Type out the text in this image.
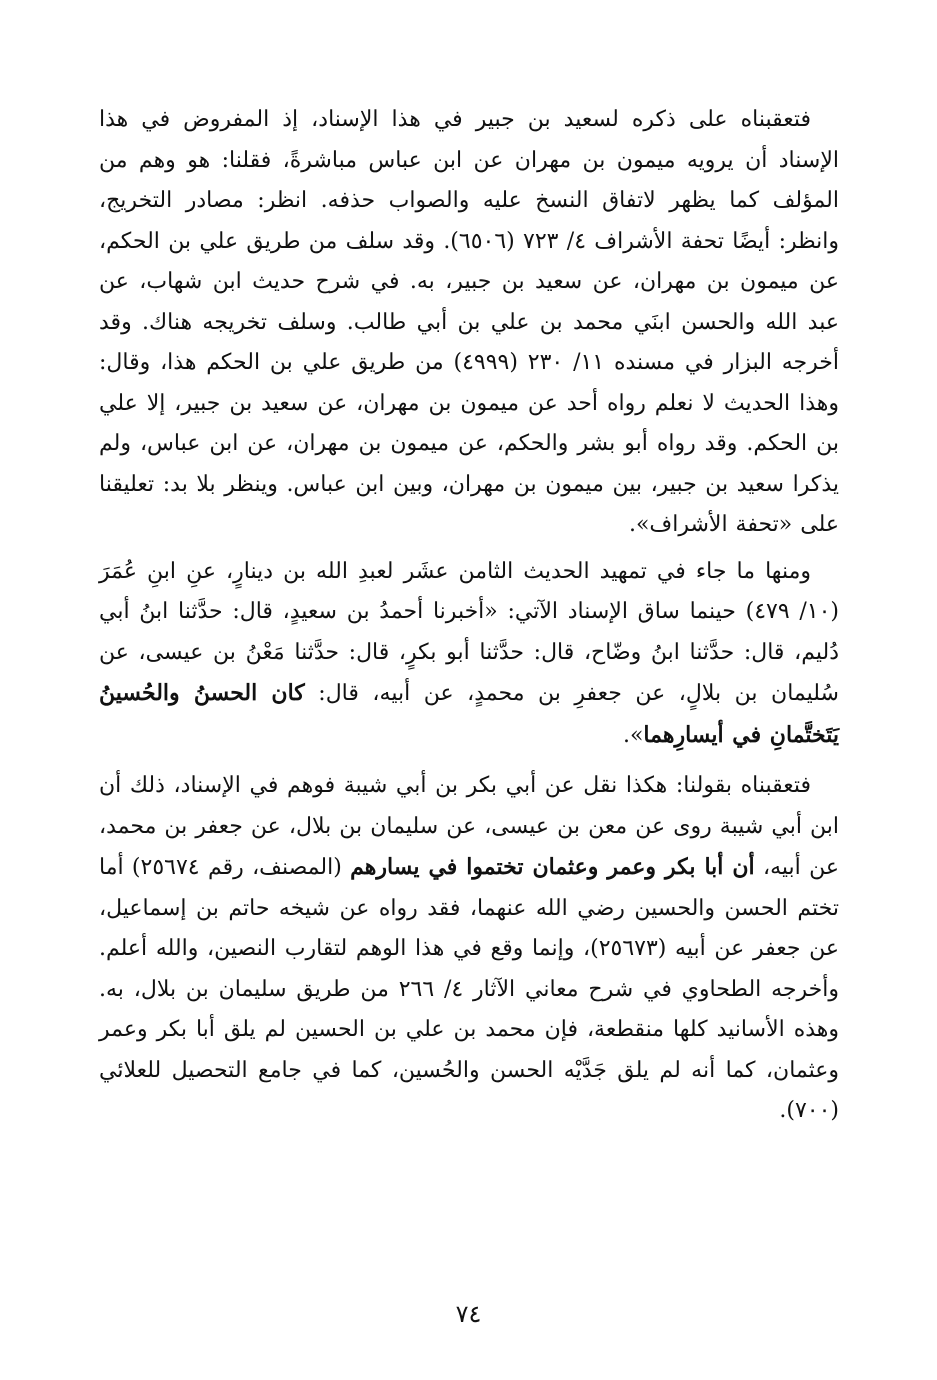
فتعقبناه على ذكره لسعيد بن جبير في هذا الإسناد، إذ المفروض في هذا الإسناد أن يرويه ميمون بن مهران عن ابن عباس مباشرةً، فقلنا: هو وهم من المؤلف كما يظهر لاتفاق النسخ عليه والصواب حذفه. انظر: مصادر التخريج، وانظر: أيضًا تحفة الأشراف ٤/ ٧٢٣ (٦٥٠٦). وقد سلف من طريق علي بن الحكم، عن ميمون بن مهران، عن سعيد بن جبير، به. في شرح حديث ابن شهاب، عن عبد الله والحسن ابنَي محمد بن علي بن أبي طالب. وسلف تخريجه هناك. وقد أخرجه البزار في مسنده ١١/ ٢٣٠ (٤٩٩٩) من طريق علي بن الحكم هذا، وقال: وهذا الحديث لا نعلم رواه أحد عن ميمون بن مهران، عن سعيد بن جبير، إلا علي بن الحكم. وقد رواه أبو بشر والحكم، عن ميمون بن مهران، عن ابن عباس، ولم يذكرا سعيد بن جبير، بين ميمون بن مهران، وبين ابن عباس. وينظر بلا بد: تعليقنا على «تحفة الأشراف».

ومنها ما جاء في تمهيد الحديث الثامن عشَر لعبدِ الله بن دينارٍ، عنِ ابنِ عُمَرَ (١٠/ ٤٧٩) حينما ساق الإسناد الآتي: «أخبرنا أحمدُ بن سعيدٍ، قال: حدَّثنا ابنُ أبي دُليم، قال: حدَّثنا ابنُ وضّاح، قال: حدَّثنا أبو بكرٍ، قال: حدَّثنا مَعْنُ بن عيسى، عن سُليمان بن بلالٍ، عن جعفرِ بن محمدٍ، عن أبيه، قال: كان الحسنُ والحُسينُ يَتَختَّمانِ في أيسارِهما».

فتعقبناه بقولنا: هكذا نقل عن أبي بكر بن أبي شيبة فوهم في الإسناد، ذلك أن ابن أبي شيبة روى عن معن بن عيسى، عن سليمان بن بلال، عن جعفر بن محمد، عن أبيه، أن أبا بكر وعمر وعثمان تختموا في يسارهم (المصنف، رقم ٢٥٦٧٤) أما تختم الحسن والحسين رضي الله عنهما، فقد رواه عن شيخه حاتم بن إسماعيل، عن جعفر عن أبيه (٢٥٦٧٣)، وإنما وقع في هذا الوهم لتقارب النصين، والله أعلم. وأخرجه الطحاوي في شرح معاني الآثار ٤/ ٢٦٦ من طريق سليمان بن بلال، به. وهذه الأسانيد كلها منقطعة، فإن محمد بن علي بن الحسين لم يلق أبا بكر وعمر وعثمان، كما أنه لم يلق جَدَّيْه الحسن والحُسين، كما في جامع التحصيل للعلائي (٧٠٠).

٧٤
